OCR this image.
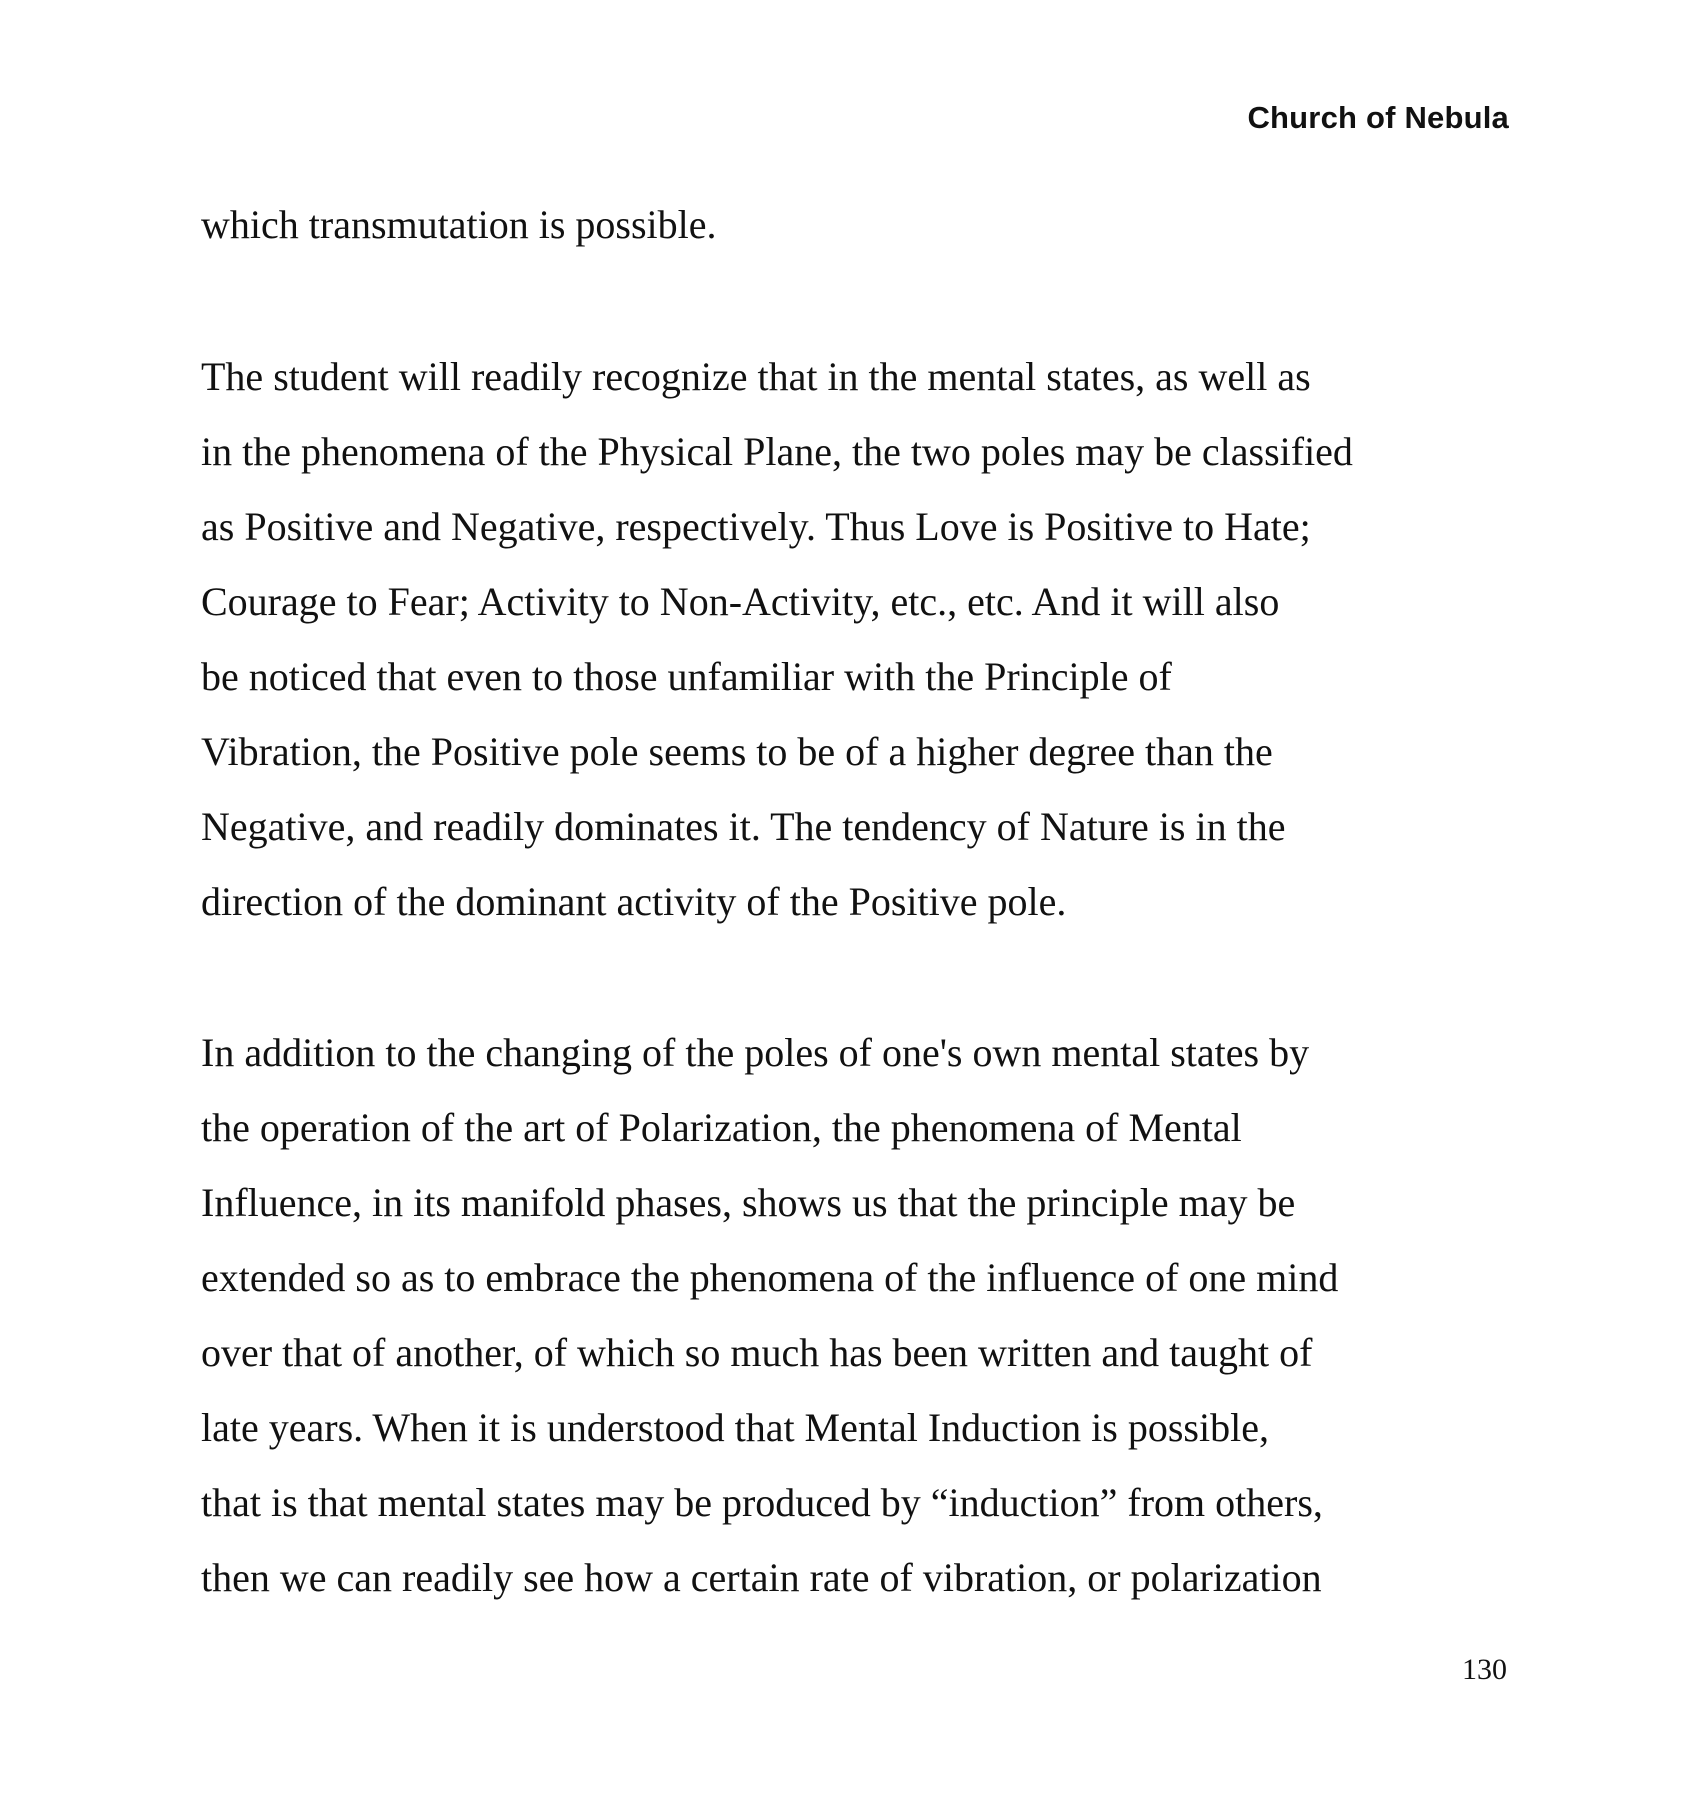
Church of Nebula
which transmutation is possible.
The student will readily recognize that in the mental states, as well as
in the phenomena of the Physical Plane, the two poles may be classified
as Positive and Negative, respectively. Thus Love is Positive to Hate;
Courage to Fear; Activity to Non-Activity, etc., etc. And it will also
be noticed that even to those unfamiliar with the Principle of
Vibration, the Positive pole seems to be of a higher degree than the
Negative, and readily dominates it. The tendency of Nature is in the
direction of the dominant activity of the Positive pole.
In addition to the changing of the poles of one's own mental states by
the operation of the art of Polarization, the phenomena of Mental
Influence, in its manifold phases, shows us that the principle may be
extended so as to embrace the phenomena of the influence of one mind
over that of another, of which so much has been written and taught of
late years. When it is understood that Mental Induction is possible,
that is that mental states may be produced by “induction” from others,
then we can readily see how a certain rate of vibration, or polarization
130
